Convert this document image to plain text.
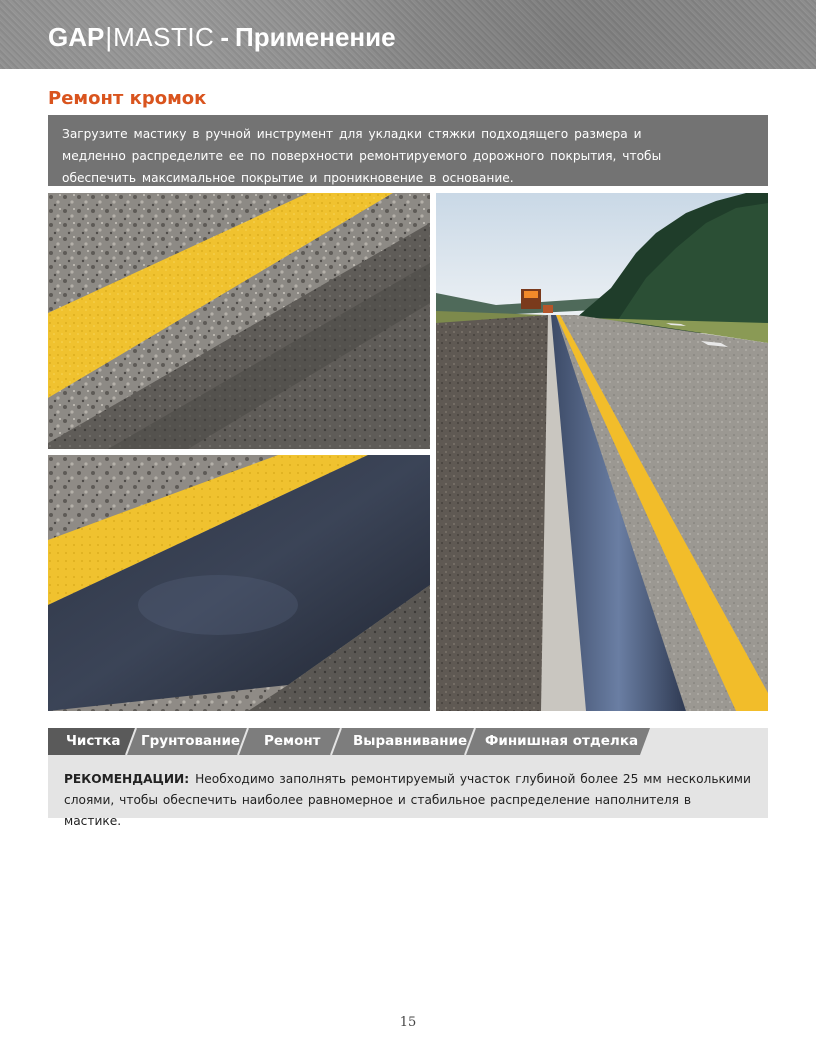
GAP|MASTIC - Применение
Ремонт кромок

Загрузите мастику в ручной инструмент для укладки стяжки подходящего размера и медленно распределите ее по поверхности ремонтируемого дорожного покрытия, чтобы обеспечить максимальное покрытие и проникновение в основание.

Чистка Грунтование Ремонт Выравнивание Финишная отделка

РЕКОМЕНДАЦИИ: Необходимо заполнять ремонтируемый участок глубиной более 25 мм несколькими слоями, чтобы обеспечить наиболее равномерное и стабильное распределение наполнителя в мастике.

15
